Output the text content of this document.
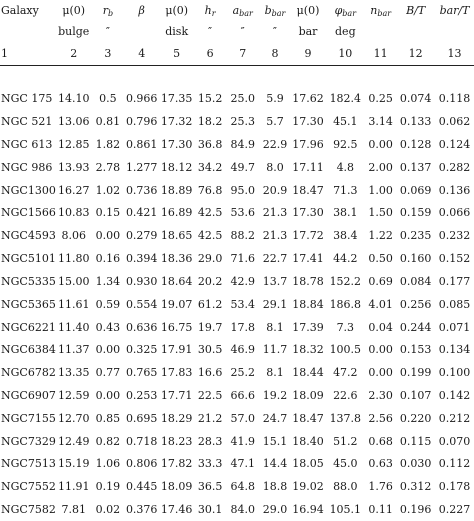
Galaxy	μ(0)	$r_b$	β	μ(0)	$h_r$	$a_{bar}$	$b_{bar}$	μ(0)	$\varphi_{bar}$	$n_{bar}$	B/T	bar/T
	bulge	″		disk	″	″	″	bar	deg			
1	2	3	4	5	6	7	8	9	10	11	12	13

NGC 175	14.10	0.5	0.966	17.35	15.2	25.0	5.9	17.62	182.4	0.25	0.074	0.118
NGC 521	13.06	0.81	0.796	17.32	18.2	25.3	5.7	17.30	45.1	3.14	0.133	0.062
NGC 613	12.85	1.82	0.861	17.30	36.8	84.9	22.9	17.96	92.5	0.00	0.128	0.124
NGC 986	13.93	2.78	1.277	18.12	34.2	49.7	8.0	17.11	4.8	2.00	0.137	0.282
NGC1300	16.27	1.02	0.736	18.89	76.8	95.0	20.9	18.47	71.3	1.00	0.069	0.136
NGC1566	10.83	0.15	0.421	16.89	42.5	53.6	21.3	17.30	38.1	1.50	0.159	0.066
NGC4593	8.06	0.00	0.279	18.65	42.5	88.2	21.3	17.72	38.4	1.22	0.235	0.232
NGC5101	11.80	0.16	0.394	18.36	29.0	71.6	22.7	17.41	44.2	0.50	0.160	0.152
NGC5335	15.00	1.34	0.930	18.64	20.2	42.9	13.7	18.78	152.2	0.69	0.084	0.177
NGC5365	11.61	0.59	0.554	19.07	61.2	53.4	29.1	18.84	186.8	4.01	0.256	0.085
NGC6221	11.40	0.43	0.636	16.75	19.7	17.8	8.1	17.39	7.3	0.04	0.244	0.071
NGC6384	11.37	0.00	0.325	17.91	30.5	46.9	11.7	18.32	100.5	0.00	0.153	0.134
NGC6782	13.35	0.77	0.765	17.83	16.6	25.2	8.1	18.44	47.2	0.00	0.199	0.100
NGC6907	12.59	0.00	0.253	17.71	22.5	66.6	19.2	18.09	22.6	2.30	0.107	0.142
NGC7155	12.70	0.85	0.695	18.29	21.2	57.0	24.7	18.47	137.8	2.56	0.220	0.212
NGC7329	12.49	0.82	0.718	18.23	28.3	41.9	15.1	18.40	51.2	0.68	0.115	0.070
NGC7513	15.19	1.06	0.806	17.82	33.3	47.1	14.4	18.05	45.0	0.63	0.030	0.112
NGC7552	11.91	0.19	0.445	18.09	36.5	64.8	18.8	19.02	88.0	1.76	0.312	0.178
NGC7582	7.81	0.02	0.376	17.46	30.1	84.0	29.0	16.94	105.1	0.11	0.196	0.227
